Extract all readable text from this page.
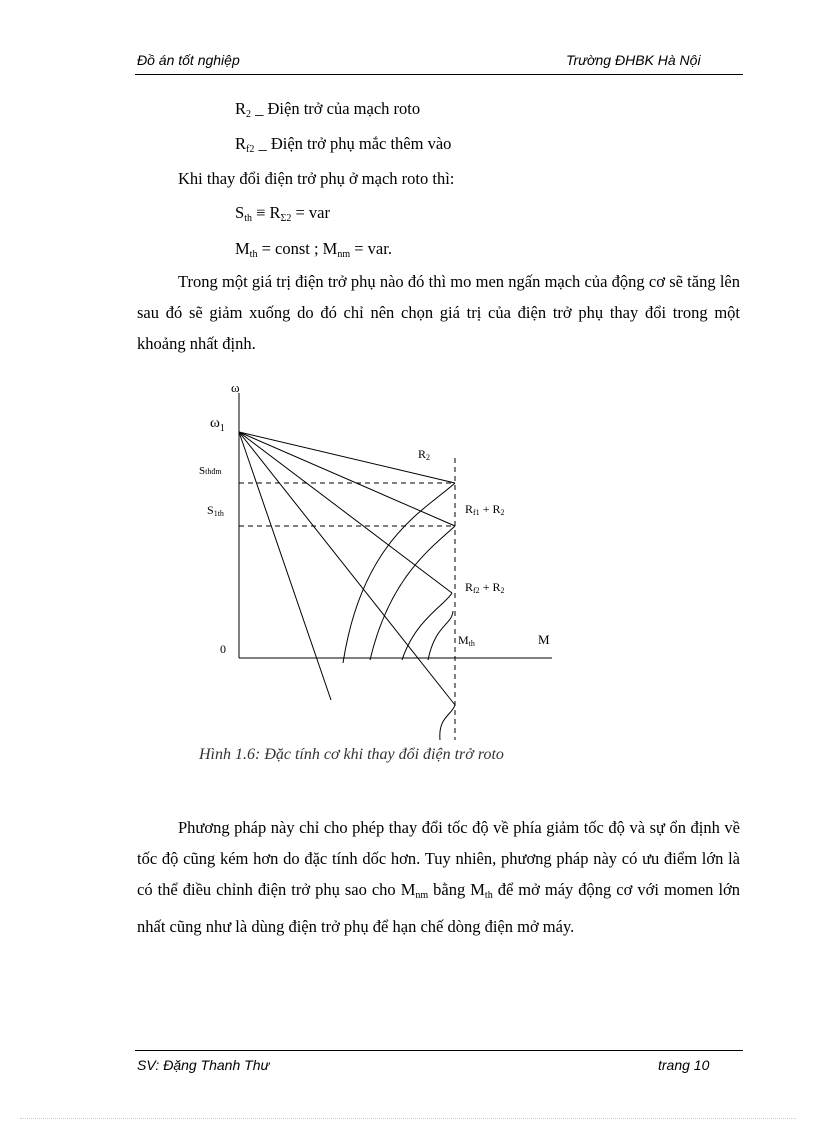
Đồ án tốt nghiệp	Trường ĐHBK Hà Nội
$R_2$ _ Điện trở của mạch roto
$R_{f2}$ _ Điện trở phụ mắc thêm vào
Khi thay đổi điện trở phụ ở mạch roto thì:
$S_{th} \equiv R_{\Sigma 2}$ = var
$M_{th}$ = const ; $M_{nm}$ = var.
Trong một giá trị điện trở phụ nào đó thì mo men ngấn mạch của động cơ sẽ tăng lên sau đó sẽ giảm xuống do đó chỉ nên chọn giá trị của điện trở phụ thay đổi trong một khoảng nhất định.
ω
$\omega_1$
Sthđm
S1th
0
M
Mth
R2
Rf1 + R2
Rf2 + R2
Hình 1.6: Đặc tính cơ khi thay đổi điện trở roto
Phương pháp này chỉ cho phép thay đổi tốc độ về phía giảm tốc độ và sự ổn định về tốc độ cũng kém hơn do đặc tính dốc hơn. Tuy nhiên, phương pháp này có ưu điểm lớn là có thể điều chỉnh điện trở phụ sao cho $M_{nm}$ bằng $M_{th}$ để mở máy động cơ với momen lớn nhất cũng như là dùng điện trở phụ để hạn chế dòng điện mở máy.
SV: Đặng Thanh Thư	trang 10
